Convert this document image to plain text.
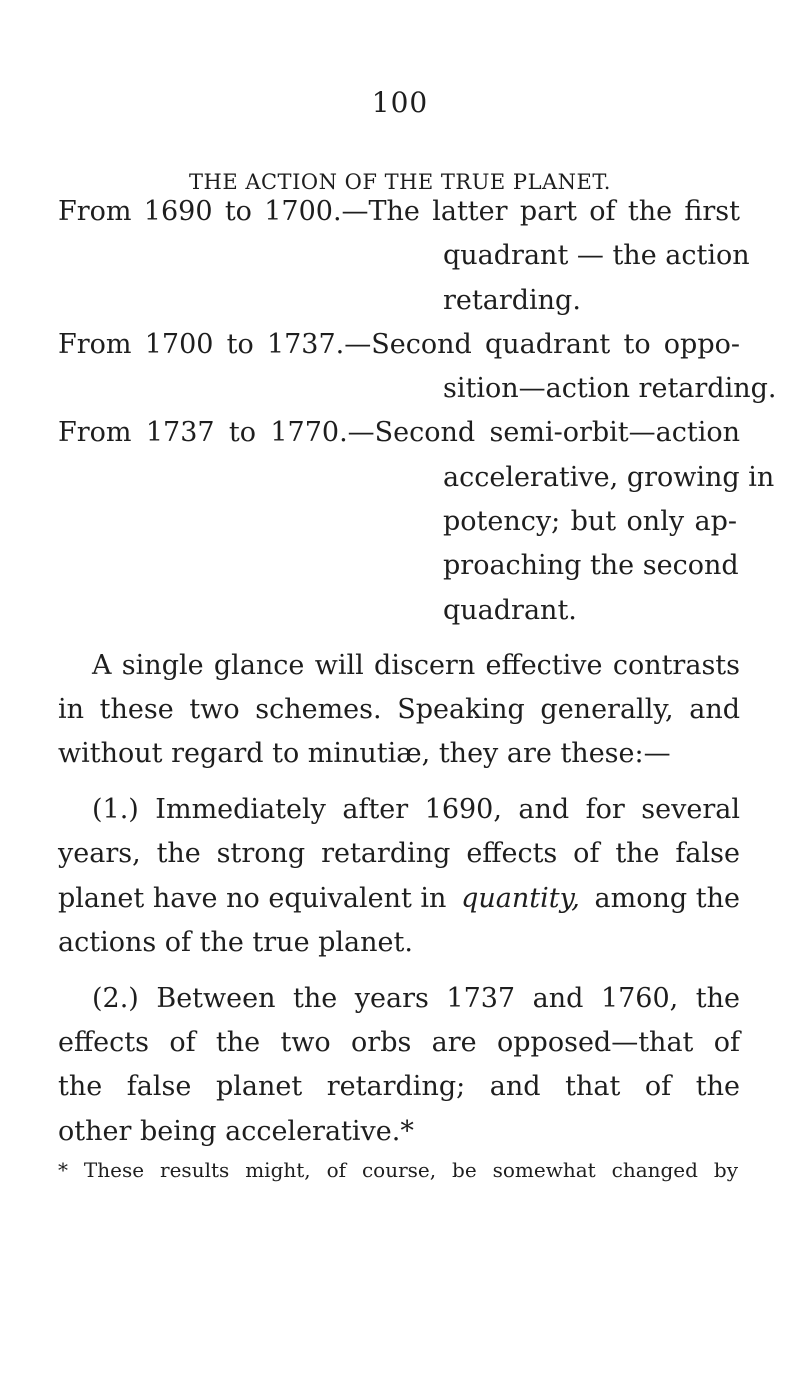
100
THE ACTION OF THE TRUE PLANET.
From 1690 to 1700.—The latter part of the first
quadrant — the action
retarding.
From 1700 to 1737.—Second quadrant to oppo-
sition—action retarding.
From 1737 to 1770.—Second semi-orbit—action
accelerative, growing in
potency; but only ap-
proaching the second
quadrant.
A single glance will discern effective contrasts
in these two schemes. Speaking generally, and
without regard to minutiæ, they are these:—
(1.) Immediately after 1690, and for several
years, the strong retarding effects of the false
planet have no equivalent in quantity, among the
actions of the true planet.
(2.) Between the years 1737 and 1760, the
effects of the two orbs are opposed—that of
the false planet retarding; and that of the
other being accelerative.*
* These results might, of course, be somewhat changed by
